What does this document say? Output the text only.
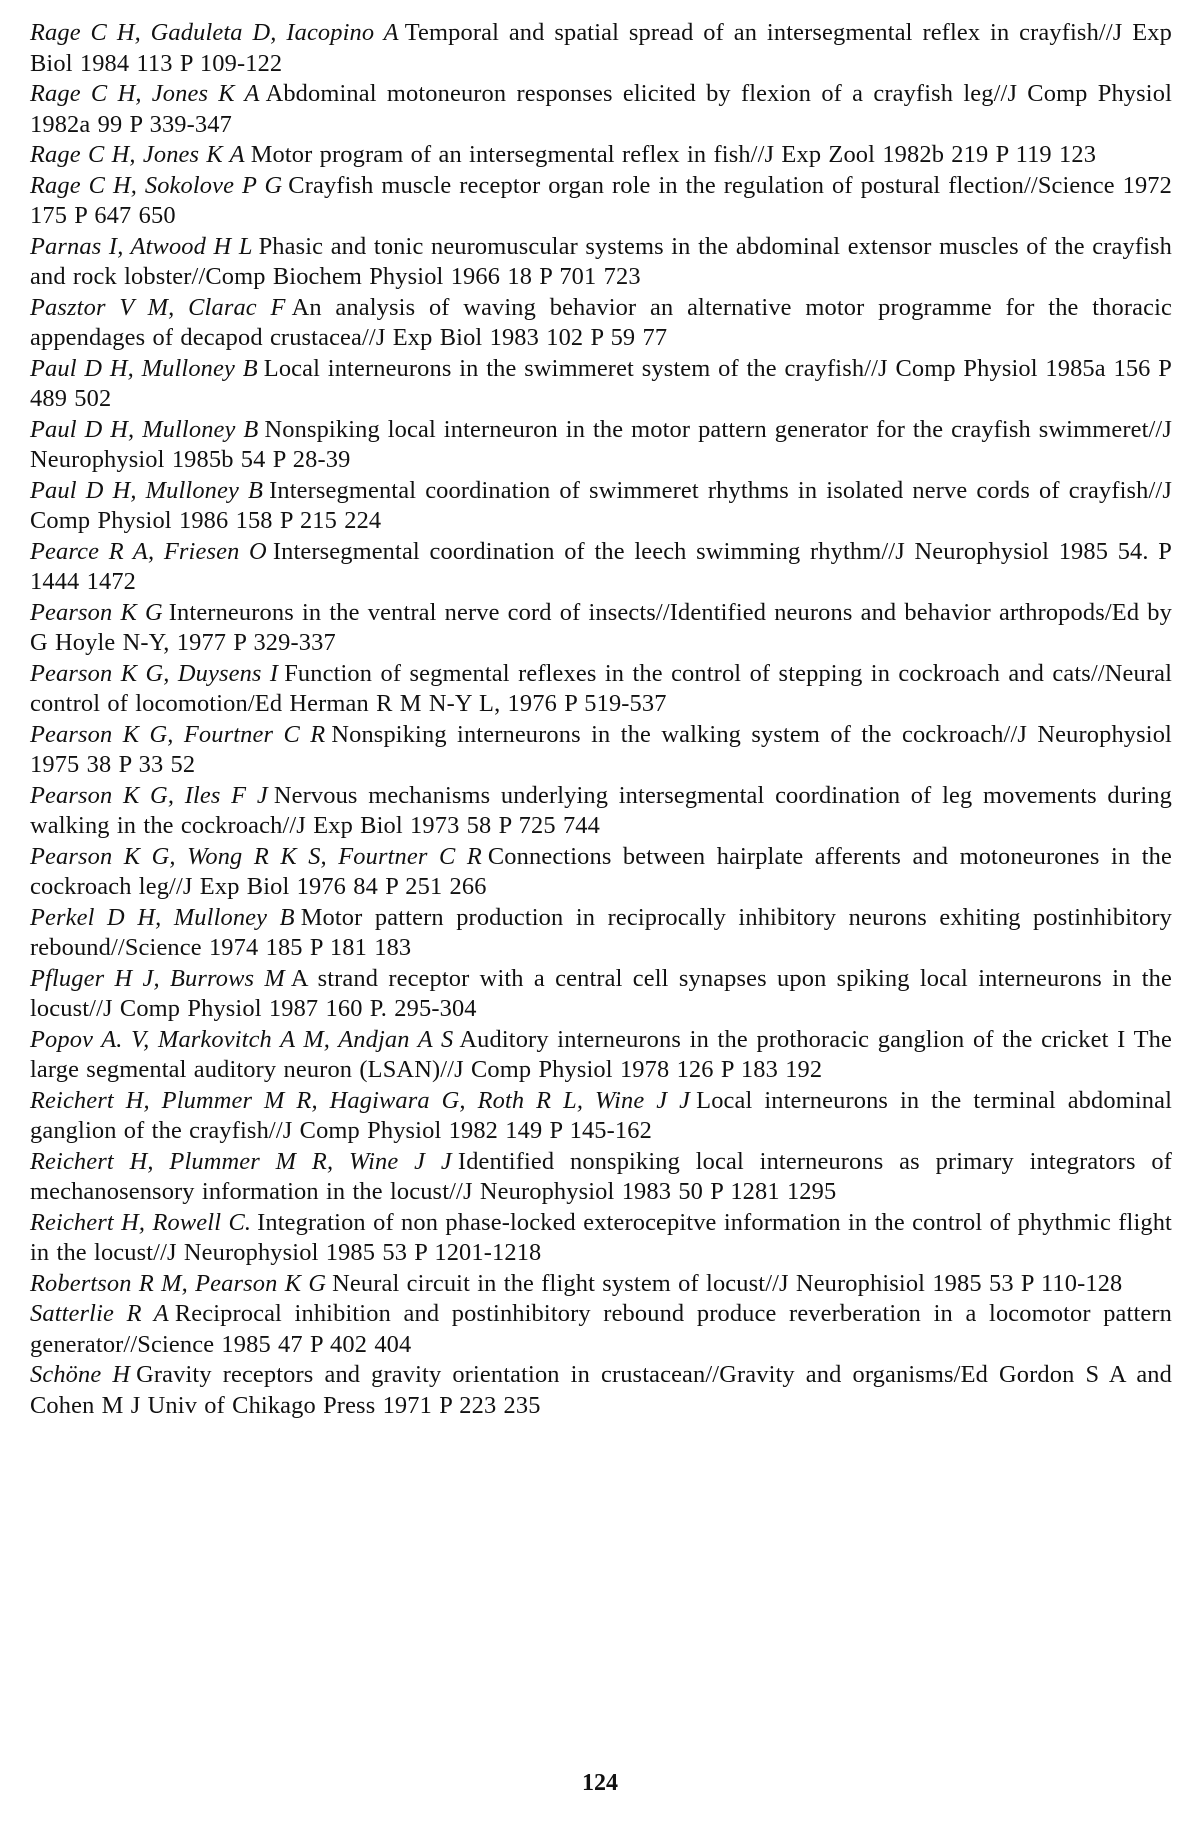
Rage C H, Gaduleta D, Iacopino A Temporal and spatial spread of an intersegmental reflex in crayfish//J Exp Biol 1984 113 P 109-122
Rage C H, Jones K A Abdominal motoneuron responses elicited by flexion of a crayfish leg//J Comp Physiol 1982a 99 P 339-347
Rage C H, Jones K A Motor program of an intersegmental reflex in fish//J Exp Zool 1982b 219 P 119 123
Rage C H, Sokolove P G Crayfish muscle receptor organ role in the regulation of postural flection//Science 1972 175 P 647 650
Parnas I, Atwood H L Phasic and tonic neuromuscular systems in the abdominal extensor muscles of the crayfish and rock lobster//Comp Biochem Physiol 1966 18 P 701 723
Pasztor V M, Clarac F An analysis of waving behavior an alternative motor programme for the thoracic appendages of decapod crustacea//J Exp Biol 1983 102 P 59 77
Paul D H, Mulloney B Local interneurons in the swimmeret system of the crayfish//J Comp Physiol 1985a 156 P 489 502
Paul D H, Mulloney B Nonspiking local interneuron in the motor pattern generator for the crayfish swimmeret//J Neurophysiol 1985b 54 P 28-39
Paul D H, Mulloney B Intersegmental coordination of swimmeret rhythms in isolated nerve cords of crayfish//J Comp Physiol 1986 158 P 215 224
Pearce R A, Friesen O Intersegmental coordination of the leech swimming rhythm//J Neurophysiol 1985 54. P 1444 1472
Pearson K G Interneurons in the ventral nerve cord of insects//Identified neurons and behavior arthropods/Ed by G Hoyle N-Y, 1977 P 329-337
Pearson K G, Duysens I Function of segmental reflexes in the control of stepping in cockroach and cats//Neural control of locomotion/Ed Herman R M N-Y L, 1976 P 519-537
Pearson K G, Fourtner C R Nonspiking interneurons in the walking system of the cockroach//J Neurophysiol 1975 38 P 33 52
Pearson K G, Iles F J Nervous mechanisms underlying intersegmental coordination of leg movements during walking in the cockroach//J Exp Biol 1973 58 P 725 744
Pearson K G, Wong R K S, Fourtner C R Connections between hairplate afferents and motoneurones in the cockroach leg//J Exp Biol 1976 84 P 251 266
Perkel D H, Mulloney B Motor pattern production in reciprocally inhibitory neurons exhiting postinhibitory rebound//Science 1974 185 P 181 183
Pfluger H J, Burrows M A strand receptor with a central cell synapses upon spiking local interneurons in the locust//J Comp Physiol 1987 160 P. 295-304
Popov A. V, Markovitch A M, Andjan A S Auditory interneurons in the prothoracic ganglion of the cricket I The large segmental auditory neuron (LSAN)//J Comp Physiol 1978 126 P 183 192
Reichert H, Plummer M R, Hagiwara G, Roth R L, Wine J J Local interneurons in the terminal abdominal ganglion of the crayfish//J Comp Physiol 1982 149 P 145-162
Reichert H, Plummer M R, Wine J J Identified nonspiking local interneurons as primary integrators of mechanosensory information in the locust//J Neurophysiol 1983 50 P 1281 1295
Reichert H, Rowell C. Integration of non phase-locked exterocepitve information in the control of phythmic flight in the locust//J Neurophysiol 1985 53 P 1201-1218
Robertson R M, Pearson K G Neural circuit in the flight system of locust//J Neurophisiol 1985 53 P 110-128
Satterlie R A Reciprocal inhibition and postinhibitory rebound produce reverberation in a locomotor pattern generator//Science 1985 47 P 402 404
Schöne H Gravity receptors and gravity orientation in crustacean//Gravity and organisms/Ed Gordon S A and Cohen M J Univ of Chikago Press 1971 P 223 235
124
